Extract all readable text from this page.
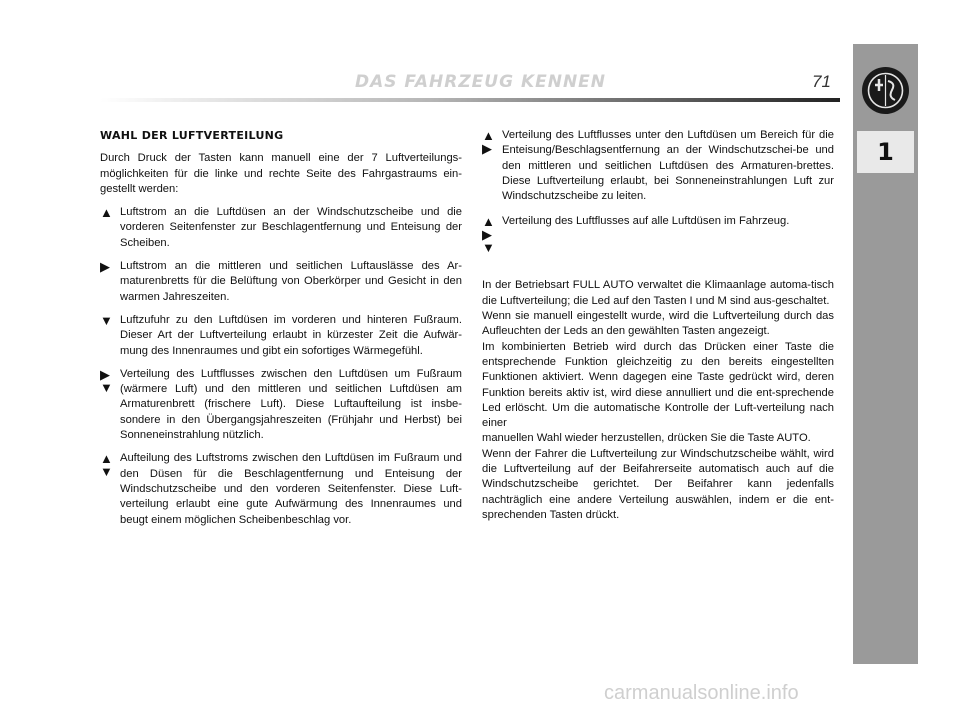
1
DAS FAHRZEUG KENNEN	71
WAHL DER LUFTVERTEILUNG

Durch Druck der Tasten kann manuell eine der 7 Luftverteilungs-möglichkeiten für die linke und rechte Seite des Fahrgastraums ein-gestellt werden:

▲ Luftstrom an die Luftdüsen an der Windschutzscheibe und die vorderen Seitenfenster zur Beschlagentfernung und Enteisung der Scheiben.
▶ Luftstrom an die mittleren und seitlichen Luftauslässe des Ar-maturenbretts für die Belüftung von Oberkörper und Gesicht in den warmen Jahreszeiten.
▼ Luftzufuhr zu den Luftdüsen im vorderen und hinteren Fußraum. Dieser Art der Luftverteilung erlaubt in kürzester Zeit die Aufwär-mung des Innenraumes und gibt ein sofortiges Wärmegefühl.
▶
▼
Verteilung des Luftflusses zwischen den Luftdüsen um Fußraum (wärmere Luft) und den mittleren und seitlichen Luftdüsen am Armaturenbrett (frischere Luft). Diese Luftaufteilung ist insbe-sondere in den Übergangsjahreszeiten (Frühjahr und Herbst) bei Sonneneinstrahlung nützlich.
▲
▼
Aufteilung des Luftstroms zwischen den Luftdüsen im Fußraum und den Düsen für die Beschlagentfernung und Enteisung der Windschutzscheibe und den vorderen Seitenfenster. Diese Luft-verteilung erlaubt eine gute Aufwärmung des Innenraumes und beugt einem möglichen Scheibenbeschlag vor.
▲
▶
Verteilung des Luftflusses unter den Luftdüsen um Bereich für die Enteisung/Beschlagsentfernung an der Windschutzschei-be und den mittleren und seitlichen Luftdüsen des Armaturen-brettes. Diese Luftverteilung erlaubt, bei Sonneneinstrahlungen Luft zur Windschutzscheibe zu leiten.
▲
▶
▼
Verteilung des Luftflusses auf alle Luftdüsen im Fahrzeug.

In der Betriebsart FULL AUTO verwaltet die Klimaanlage automa-tisch die Luftverteilung; die Led auf den Tasten I und M sind aus-geschaltet.

Wenn sie manuell eingestellt wurde, wird die Luftverteilung durch das Aufleuchten der Leds an den gewählten Tasten angezeigt.

Im kombinierten Betrieb wird durch das Drücken einer Taste die entsprechende Funktion gleichzeitig zu den bereits eingestellten Funktionen aktiviert. Wenn dagegen eine Taste gedrückt wird, deren Funktion bereits aktiv ist, wird diese annulliert und die ent-sprechende Led erlöscht. Um die automatische Kontrolle der Luft-verteilung nach einer

manuellen Wahl wieder herzustellen, drücken Sie die Taste AUTO.

Wenn der Fahrer die Luftverteilung zur Windschutzscheibe wählt, wird die Luftverteilung auf der Beifahrerseite automatisch auch auf die Windschutzscheibe gerichtet. Der Beifahrer kann jedenfalls nachträglich eine andere Verteilung auswählen, indem er die ent-sprechenden Tasten drückt.

carmanualsonline.info
